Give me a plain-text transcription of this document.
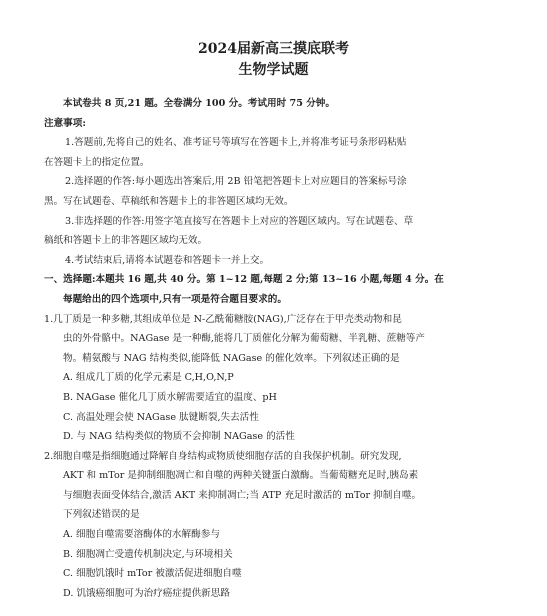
2024届新高三摸底联考
生物学试题
本试卷共 8 页,21 题。全卷满分 100 分。考试用时 75 分钟。
注意事项:
1.答题前,先将自己的姓名、准考证号等填写在答题卡上,并将准考证号条形码粘贴
在答题卡上的指定位置。
2.选择题的作答:每小题选出答案后,用 2B 铅笔把答题卡上对应题目的答案标号涂
黑。写在试题卷、草稿纸和答题卡上的非答题区域均无效。
3.非选择题的作答:用签字笔直接写在答题卡上对应的答题区域内。写在试题卷、草
稿纸和答题卡上的非答题区域均无效。
4.考试结束后,请将本试题卷和答题卡一并上交。
一、选择题:本题共 16 题,共 40 分。第 1~12 题,每题 2 分;第 13~16 小题,每题 4 分。在
每题给出的四个选项中,只有一项是符合题目要求的。
1.几丁质是一种多糖,其组成单位是 N-乙酰葡糖胺(NAG),广泛存在于甲壳类动物和昆
虫的外骨骼中。NAGase 是一种酶,能将几丁质催化分解为葡萄糖、半乳糖、蔗糖等产
物。精氨酸与 NAG 结构类似,能降低 NAGase 的催化效率。下列叙述正确的是
A. 组成几丁质的化学元素是 C,H,O,N,P
B. NAGase 催化几丁质水解需要适宜的温度、pH
C. 高温处理会使 NAGase 肽键断裂,失去活性
D. 与 NAG 结构类似的物质不会抑制 NAGase 的活性
2.细胞自噬是指细胞通过降解自身结构或物质使细胞存活的自我保护机制。研究发现,
AKT 和 mTor 是抑制细胞凋亡和自噬的两种关键蛋白激酶。当葡萄糖充足时,胰岛素
与细胞表面受体结合,激活 AKT 来抑制凋亡;当 ATP 充足时激活的 mTor 抑制自噬。
下列叙述错误的是
A. 细胞自噬需要溶酶体的水解酶参与
B. 细胞凋亡受遗传机制决定,与环境相关
C. 细胞饥饿时 mTor 被激活促进细胞自噬
D. 饥饿癌细胞可为治疗癌症提供新思路
